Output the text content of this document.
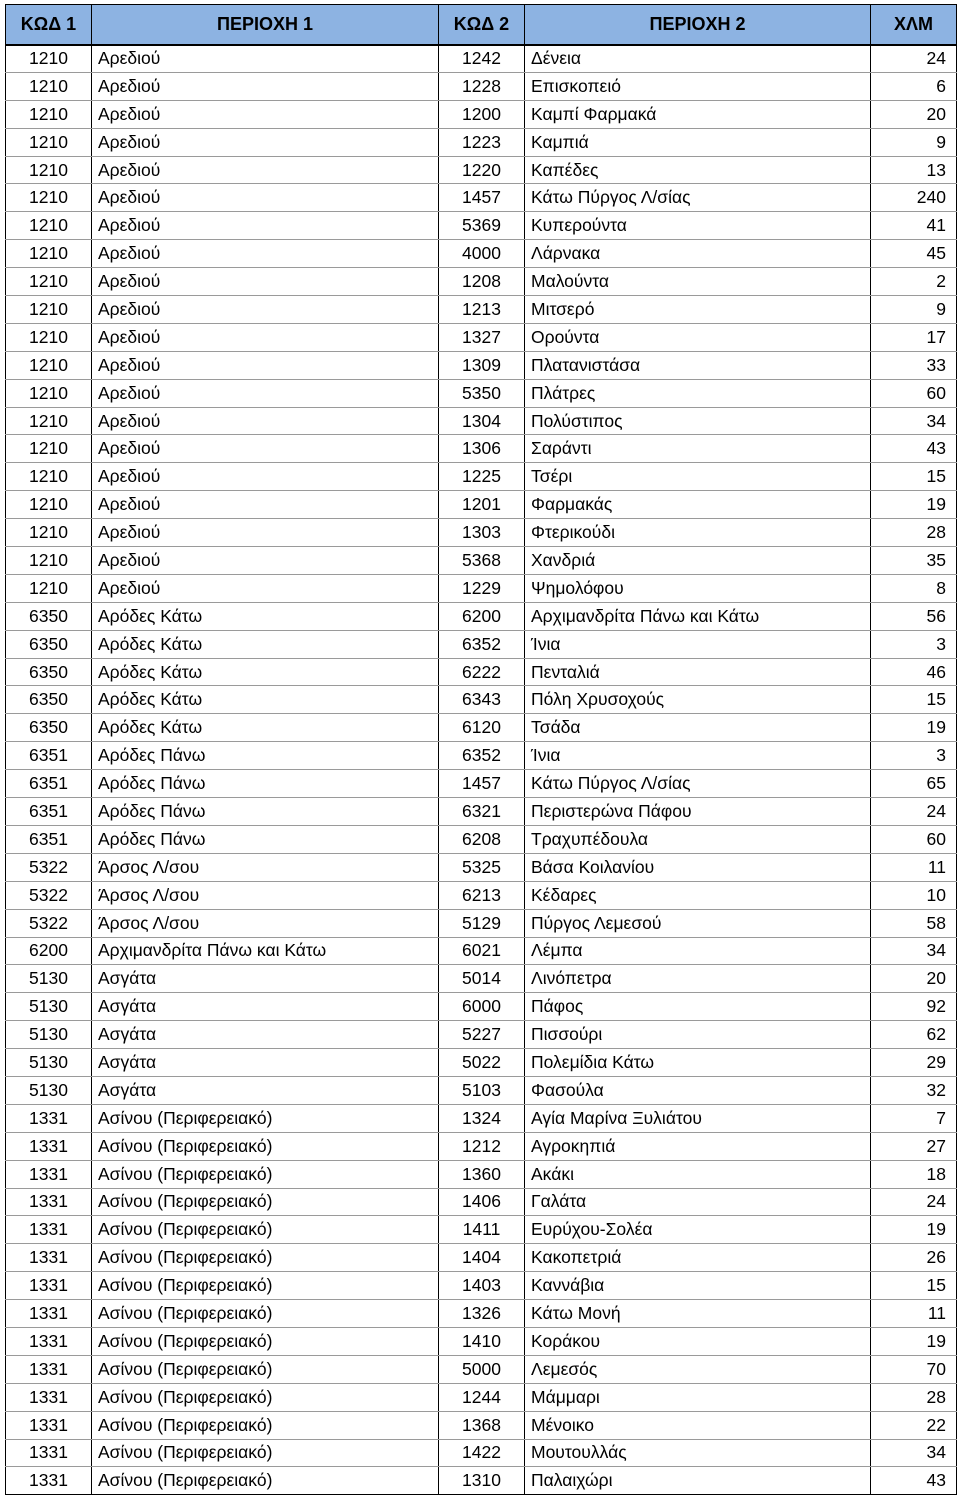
ΚΩΔ 1	ΠΕΡΙΟΧΗ 1	ΚΩΔ 2	ΠΕΡΙΟΧΗ 2	ΧΛΜ
1210	Αρεδιού	1242	Δένεια	24
1210	Αρεδιού	1228	Επισκοπειό	6
1210	Αρεδιού	1200	Καμπί Φαρμακά	20
1210	Αρεδιού	1223	Καμπιά	9
1210	Αρεδιού	1220	Καπέδες	13
1210	Αρεδιού	1457	Κάτω Πύργος Λ/σίας	240
1210	Αρεδιού	5369	Κυπερούντα	41
1210	Αρεδιού	4000	Λάρνακα	45
1210	Αρεδιού	1208	Μαλούντα	2
1210	Αρεδιού	1213	Μιτσερό	9
1210	Αρεδιού	1327	Ορούντα	17
1210	Αρεδιού	1309	Πλατανιστάσα	33
1210	Αρεδιού	5350	Πλάτρες	60
1210	Αρεδιού	1304	Πολύστιπος	34
1210	Αρεδιού	1306	Σαράντι	43
1210	Αρεδιού	1225	Τσέρι	15
1210	Αρεδιού	1201	Φαρμακάς	19
1210	Αρεδιού	1303	Φτερικούδι	28
1210	Αρεδιού	5368	Χανδριά	35
1210	Αρεδιού	1229	Ψημολόφου	8
6350	Αρόδες Κάτω	6200	Αρχιμανδρίτα Πάνω και Κάτω	56
6350	Αρόδες Κάτω	6352	Ίνια	3
6350	Αρόδες Κάτω	6222	Πενταλιά	46
6350	Αρόδες Κάτω	6343	Πόλη Χρυσοχούς	15
6350	Αρόδες Κάτω	6120	Τσάδα	19
6351	Αρόδες Πάνω	6352	Ίνια	3
6351	Αρόδες Πάνω	1457	Κάτω Πύργος Λ/σίας	65
6351	Αρόδες Πάνω	6321	Περιστερώνα Πάφου	24
6351	Αρόδες Πάνω	6208	Τραχυπέδουλα	60
5322	Άρσος Λ/σου	5325	Βάσα Κοιλανίου	11
5322	Άρσος Λ/σου	6213	Κέδαρες	10
5322	Άρσος Λ/σου	5129	Πύργος Λεμεσού	58
6200	Αρχιμανδρίτα Πάνω και Κάτω	6021	Λέμπα	34
5130	Ασγάτα	5014	Λινόπετρα	20
5130	Ασγάτα	6000	Πάφος	92
5130	Ασγάτα	5227	Πισσούρι	62
5130	Ασγάτα	5022	Πολεμίδια Κάτω	29
5130	Ασγάτα	5103	Φασούλα	32
1331	Ασίνου (Περιφερειακό)	1324	Αγία Μαρίνα Ξυλιάτου	7
1331	Ασίνου (Περιφερειακό)	1212	Αγροκηπιά	27
1331	Ασίνου (Περιφερειακό)	1360	Ακάκι	18
1331	Ασίνου (Περιφερειακό)	1406	Γαλάτα	24
1331	Ασίνου (Περιφερειακό)	1411	Ευρύχου-Σολέα	19
1331	Ασίνου (Περιφερειακό)	1404	Κακοπετριά	26
1331	Ασίνου (Περιφερειακό)	1403	Καννάβια	15
1331	Ασίνου (Περιφερειακό)	1326	Κάτω Μονή	11
1331	Ασίνου (Περιφερειακό)	1410	Κοράκου	19
1331	Ασίνου (Περιφερειακό)	5000	Λεμεσός	70
1331	Ασίνου (Περιφερειακό)	1244	Μάμμαρι	28
1331	Ασίνου (Περιφερειακό)	1368	Μένοικο	22
1331	Ασίνου (Περιφερειακό)	1422	Μουτουλλάς	34
1331	Ασίνου (Περιφερειακό)	1310	Παλαιχώρι	43
